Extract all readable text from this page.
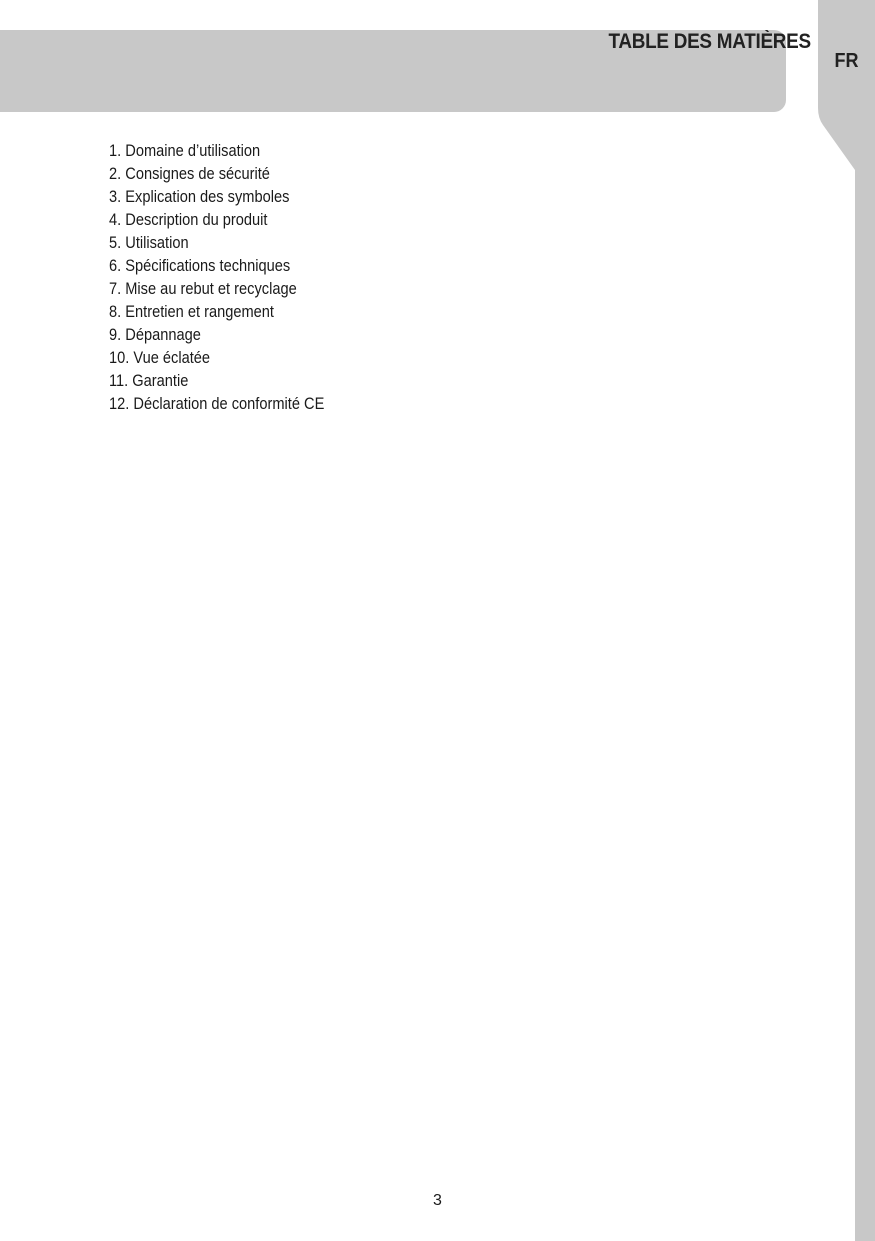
TABLE DES MATIÈRES
FR
1. Domaine d’utilisation
2. Consignes de sécurité
3. Explication des symboles
4. Description du produit
5. Utilisation
6. Spécifications techniques
7. Mise au rebut et recyclage
8. Entretien et rangement
9. Dépannage
10. Vue éclatée
11. Garantie
12. Déclaration de conformité CE
3
